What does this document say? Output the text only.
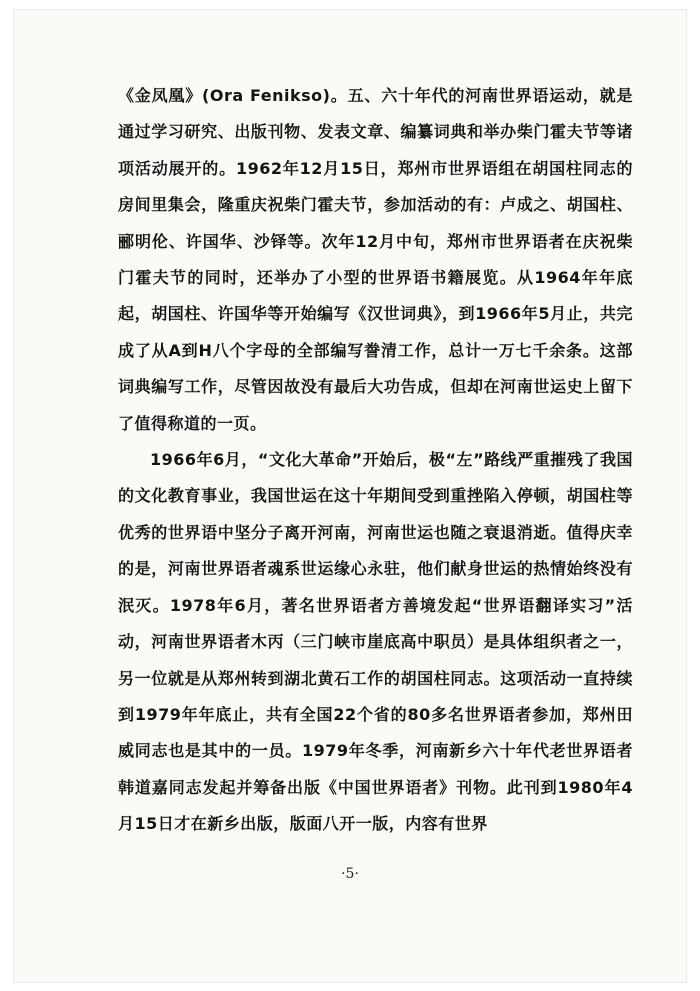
《金凤凰》(Ora Fenikso)。五、六十年代的河南世界语运动，就是通过学习研究、出版刊物、发表文章、编纂词典和举办柴门霍夫节等诸项活动展开的。1962年12月15日，郑州市世界语组在胡国柱同志的房间里集会，隆重庆祝柴门霍夫节，参加活动的有：卢成之、胡国柱、郦明伦、许国华、沙铎等。次年12月中旬，郑州市世界语者在庆祝柴门霍夫节的同时，还举办了小型的世界语书籍展览。从1964年年底起，胡国柱、许国华等开始编写《汉世词典》，到1966年5月止，共完成了从A到H八个字母的全部编写誊清工作，总计一万七千余条。这部词典编写工作，尽管因故没有最后大功告成，但却在河南世运史上留下了值得称道的一页。

1966年6月，“文化大革命”开始后，极“左”路线严重摧残了我国的文化教育事业，我国世运在这十年期间受到重挫陷入停顿，胡国柱等优秀的世界语中坚分子离开河南，河南世运也随之衰退消逝。值得庆幸的是，河南世界语者魂系世运缘心永驻，他们献身世运的热情始终没有泯灭。1978年6月，著名世界语者方善境发起“世界语翻译实习”活动，河南世界语者木丙（三门峡市崖底高中职员）是具体组织者之一，另一位就是从郑州转到湖北黄石工作的胡国柱同志。这项活动一直持续到1979年年底止，共有全国22个省的80多名世界语者参加，郑州田威同志也是其中的一员。1979年冬季，河南新乡六十年代老世界语者韩道嘉同志发起并筹备出版《中国世界语者》刊物。此刊到1980年4月15日才在新乡出版，版面八开一版，内容有世界

·5·
